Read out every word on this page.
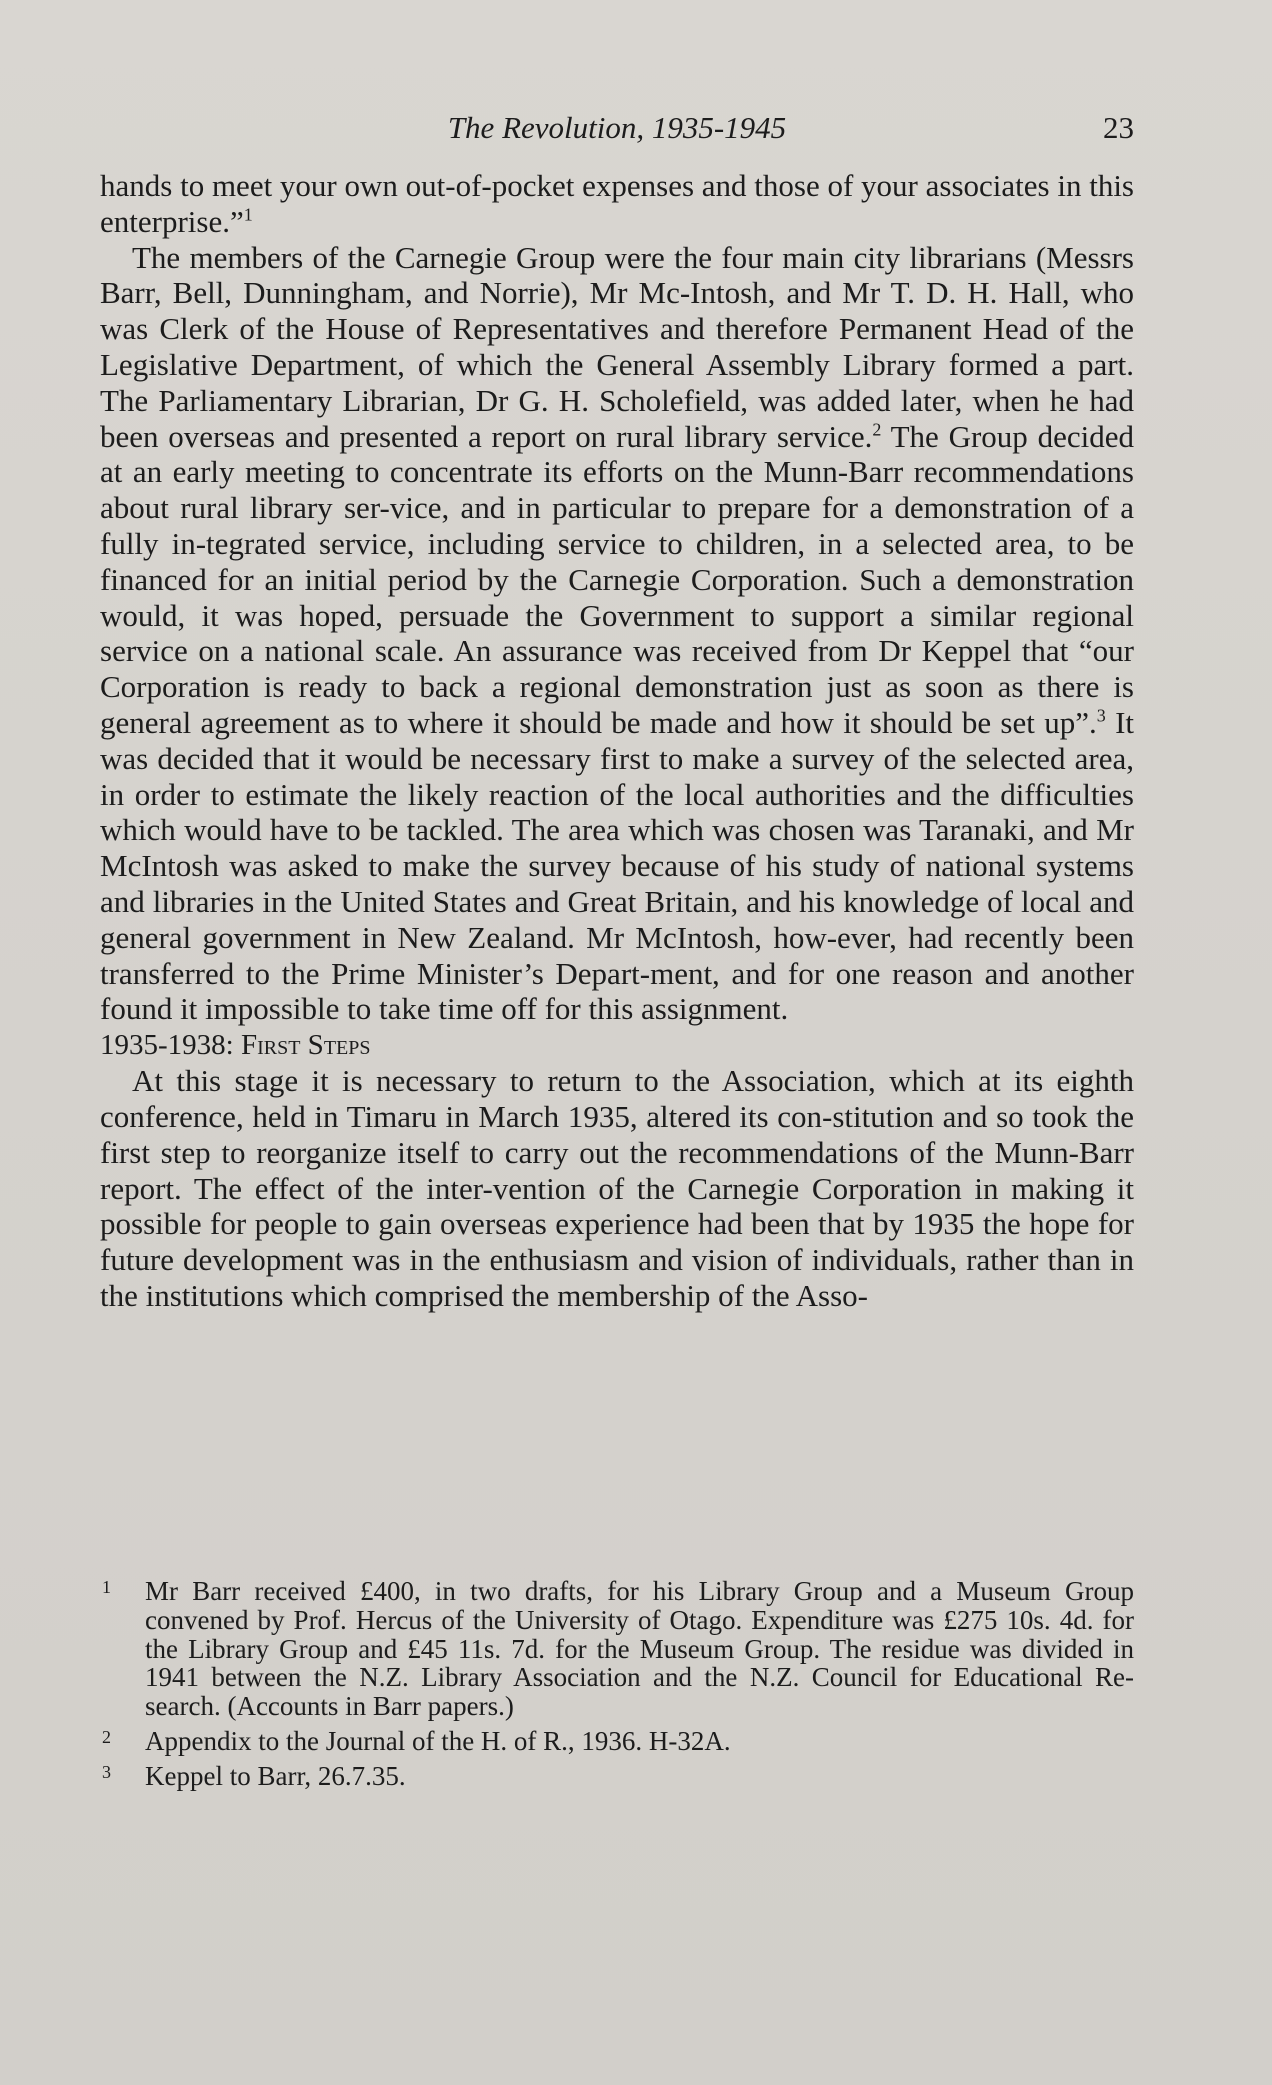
The Revolution, 1935-1945	23

hands to meet your own out-of-pocket expenses and those of your associates in this enterprise.”$^1$

The members of the Carnegie Group were the four main city librarians (Messrs Barr, Bell, Dunningham, and Norrie), Mr Mc-Intosh, and Mr T. D. H. Hall, who was Clerk of the House of Representatives and therefore Permanent Head of the Legislative Department, of which the General Assembly Library formed a part. The Parliamentary Librarian, Dr G. H. Scholefield, was added later, when he had been overseas and presented a report on rural library service.$^2$ The Group decided at an early meeting to concentrate its efforts on the Munn-Barr recommendations about rural library ser-vice, and in particular to prepare for a demonstration of a fully in-tegrated service, including service to children, in a selected area, to be financed for an initial period by the Carnegie Corporation. Such a demonstration would, it was hoped, persuade the Government to support a similar regional service on a national scale. An assurance was received from Dr Keppel that “our Corporation is ready to back a regional demonstration just as soon as there is general agreement as to where it should be made and how it should be set up”.$^3$ It was decided that it would be necessary first to make a survey of the selected area, in order to estimate the likely reaction of the local authorities and the difficulties which would have to be tackled. The area which was chosen was Taranaki, and Mr McIntosh was asked to make the survey because of his study of national systems and libraries in the United States and Great Britain, and his knowledge of local and general government in New Zealand. Mr McIntosh, how-ever, had recently been transferred to the Prime Minister’s Depart-ment, and for one reason and another found it impossible to take time off for this assignment.

1935-1938: First Steps

At this stage it is necessary to return to the Association, which at its eighth conference, held in Timaru in March 1935, altered its con-stitution and so took the first step to reorganize itself to carry out the recommendations of the Munn-Barr report. The effect of the inter-vention of the Carnegie Corporation in making it possible for people to gain overseas experience had been that by 1935 the hope for future development was in the enthusiasm and vision of individuals, rather than in the institutions which comprised the membership of the Asso-

1 Mr Barr received £400, in two drafts, for his Library Group and a Museum Group convened by Prof. Hercus of the University of Otago. Expenditure was £275 10s. 4d. for the Library Group and £45 11s. 7d. for the Museum Group. The residue was divided in 1941 between the N.Z. Library Association and the N.Z. Council for Educational Re-search. (Accounts in Barr papers.)
2 Appendix to the Journal of the H. of R., 1936. H-32A.
3 Keppel to Barr, 26.7.35.
